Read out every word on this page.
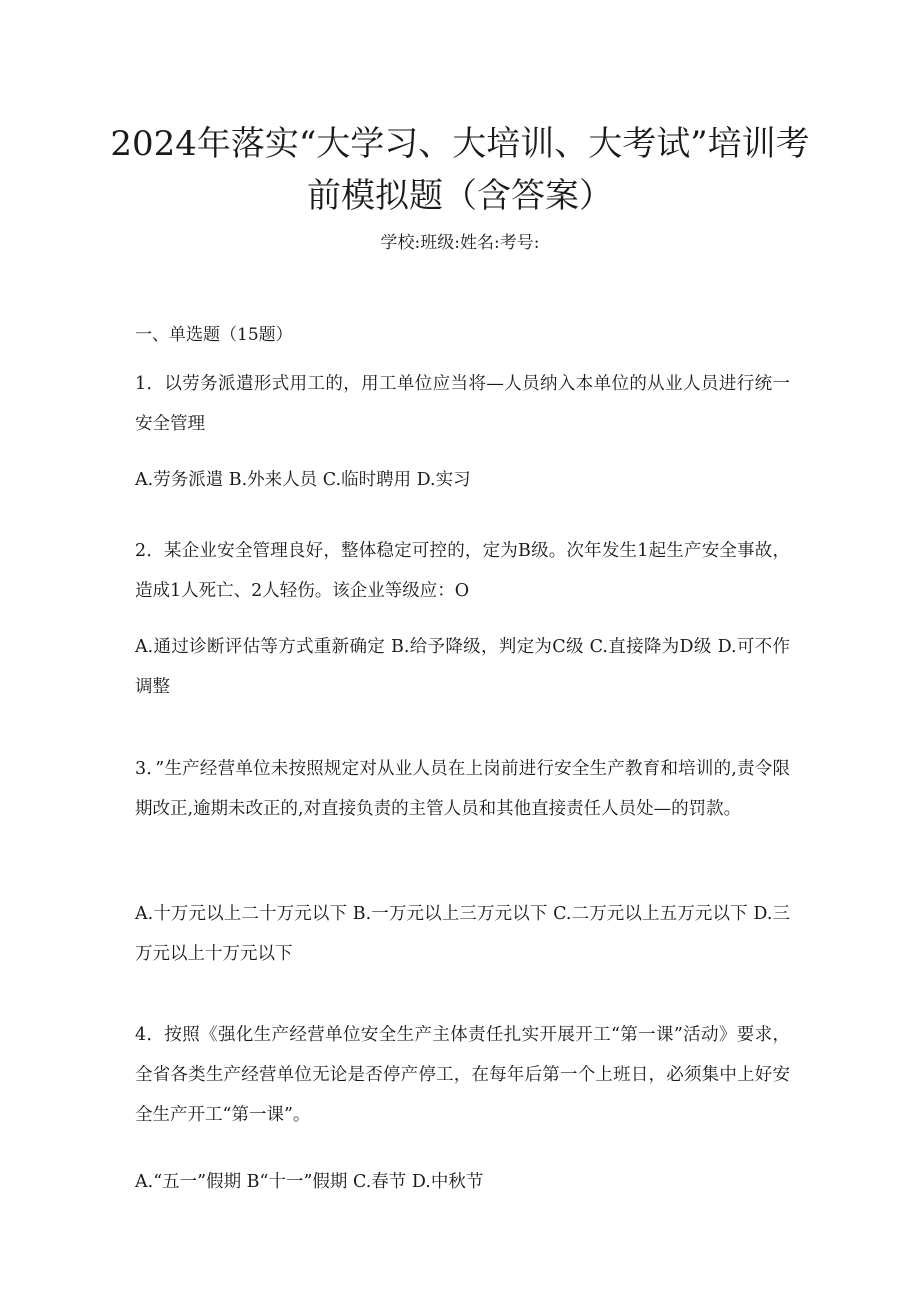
2024年落实“大学习、大培训、大考试”培训考前模拟题（含答案）

学校:班级:姓名:考号:

一、单选题（15题）

1．以劳务派遣形式用工的，用工单位应当将—人员纳入本单位的从业人员进行统一安全管理

A.劳务派遣 B.外来人员 C.临时聘用 D.实习

2．某企业安全管理良好，整体稳定可控的，定为B级。次年发生1起生产安全事故，造成1人死亡、2人轻伤。该企业等级应：O

A.通过诊断评估等方式重新确定 B.给予降级，判定为C级 C.直接降为D级 D.可不作调整

3．”生产经营单位未按照规定对从业人员在上岗前进行安全生产教育和培训的,责令限期改正,逾期未改正的,对直接负责的主管人员和其他直接责任人员处—的罚款。

A.十万元以上二十万元以下 B.一万元以上三万元以下 C.二万元以上五万元以下 D.三万元以上十万元以下

4．按照《强化生产经营单位安全生产主体责任扎实开展开工“第一课”活动》要求，全省各类生产经营单位无论是否停产停工，在每年后第一个上班日，必须集中上好安全生产开工“第一课”。

A.“五一”假期 B“十一”假期 C.春节 D.中秋节
